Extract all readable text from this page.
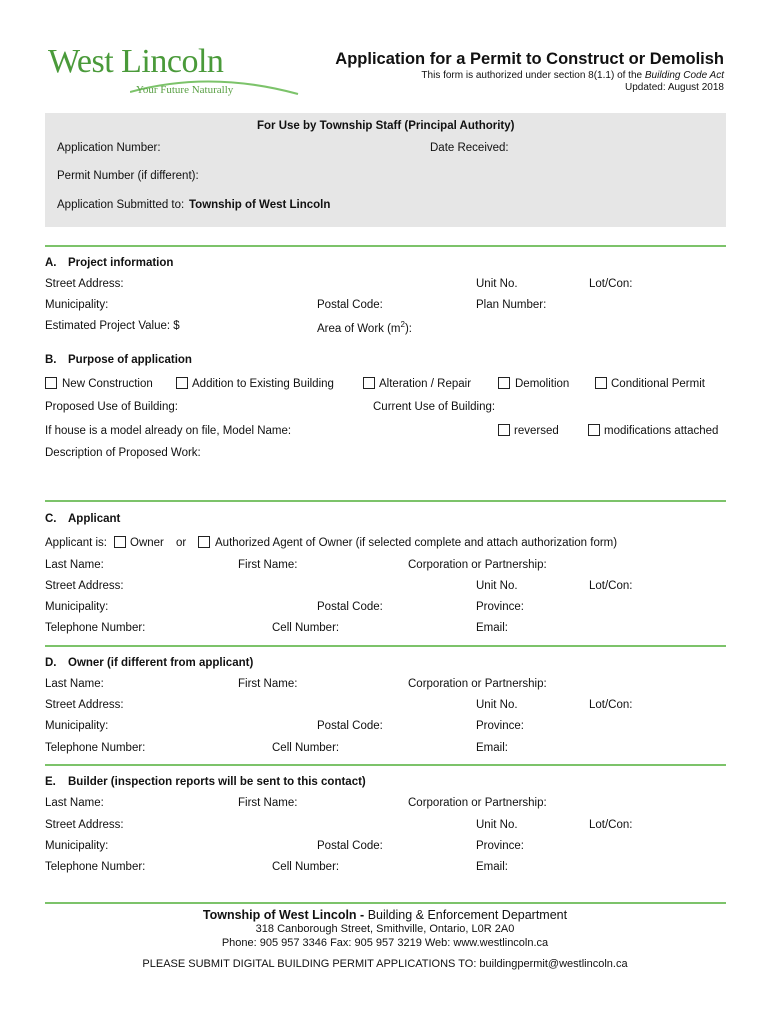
West Lincoln
Your Future Naturally
Application for a Permit to Construct or Demolish
This form is authorized under section 8(1.1) of the Building Code Act
Updated: August 2018
For Use by Township Staff (Principal Authority)
Application Number:	Date Received:
Permit Number (if different):
Application Submitted to: Township of West Lincoln
A. Project information
Street Address:	Unit No.	Lot/Con:
Municipality:	Postal Code:	Plan Number:
Estimated Project Value: $	Area of Work $(m^2)$:
B. Purpose of application
New Construction	Addition to Existing Building	Alteration / Repair	Demolition	Conditional Permit
Proposed Use of Building:	Current Use of Building:
If house is a model already on file, Model Name:	reversed	modifications attached
Description of Proposed Work:
C. Applicant
Applicant is: Owner or	Authorized Agent of Owner (if selected complete and attach authorization form)
Last Name:	First Name:	Corporation or Partnership:
Street Address:	Unit No.	Lot/Con:
Municipality:	Postal Code:	Province:
Telephone Number:	Cell Number:	Email:
D. Owner (if different from applicant)
Last Name:	First Name:	Corporation or Partnership:
Street Address:	Unit No.	Lot/Con:
Municipality:	Postal Code:	Province:
Telephone Number:	Cell Number:	Email:
E. Builder (inspection reports will be sent to this contact)
Last Name:	First Name:	Corporation or Partnership:
Street Address:	Unit No.	Lot/Con:
Municipality:	Postal Code:	Province:
Telephone Number:	Cell Number:	Email:
Township of West Lincoln - Building & Enforcement Department
318 Canborough Street, Smithville, Ontario, L0R 2A0
Phone: 905 957 3346 Fax: 905 957 3219 Web: www.westlincoln.ca
PLEASE SUBMIT DIGITAL BUILDING PERMIT APPLICATIONS TO: buildingpermit@westlincoln.ca
